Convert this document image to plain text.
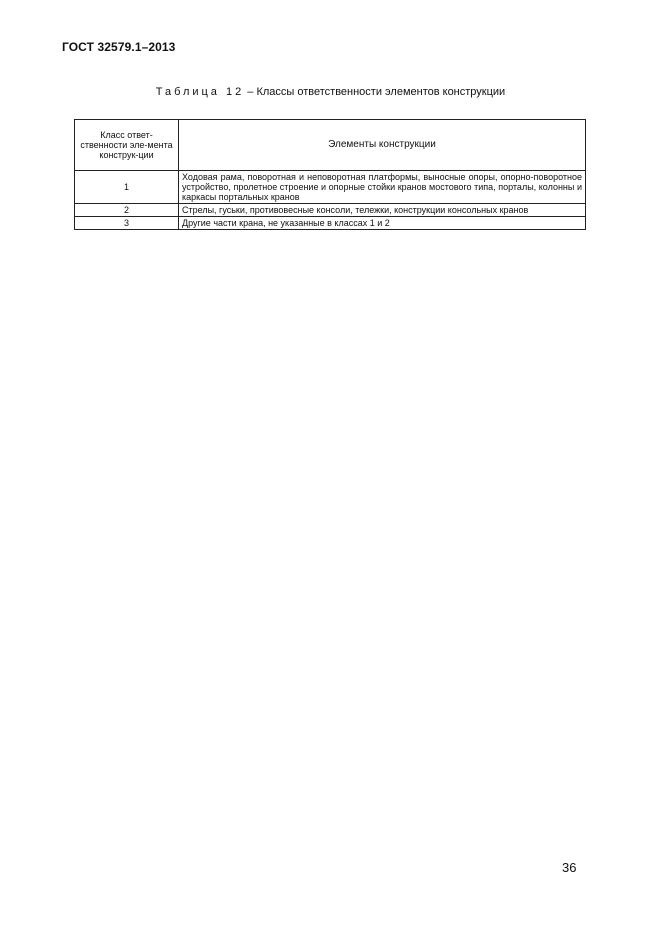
ГОСТ 32579.1–2013
Таблица 12 – Классы ответственности элементов конструкции
Класс ответ-ственности эле-мента конструк-ции	Элементы конструкции
1	Ходовая рама, поворотная и неповоротная платформы, выносные опоры, опорно-поворотное устройство, пролетное строение и опорные стойки кранов мостового типа, порталы, колонны и каркасы портальных кранов
2	Стрелы, гуськи, противовесные консоли, тележки, конструкции консольных кранов
3	Другие части крана, не указанные в классах 1 и 2
36
